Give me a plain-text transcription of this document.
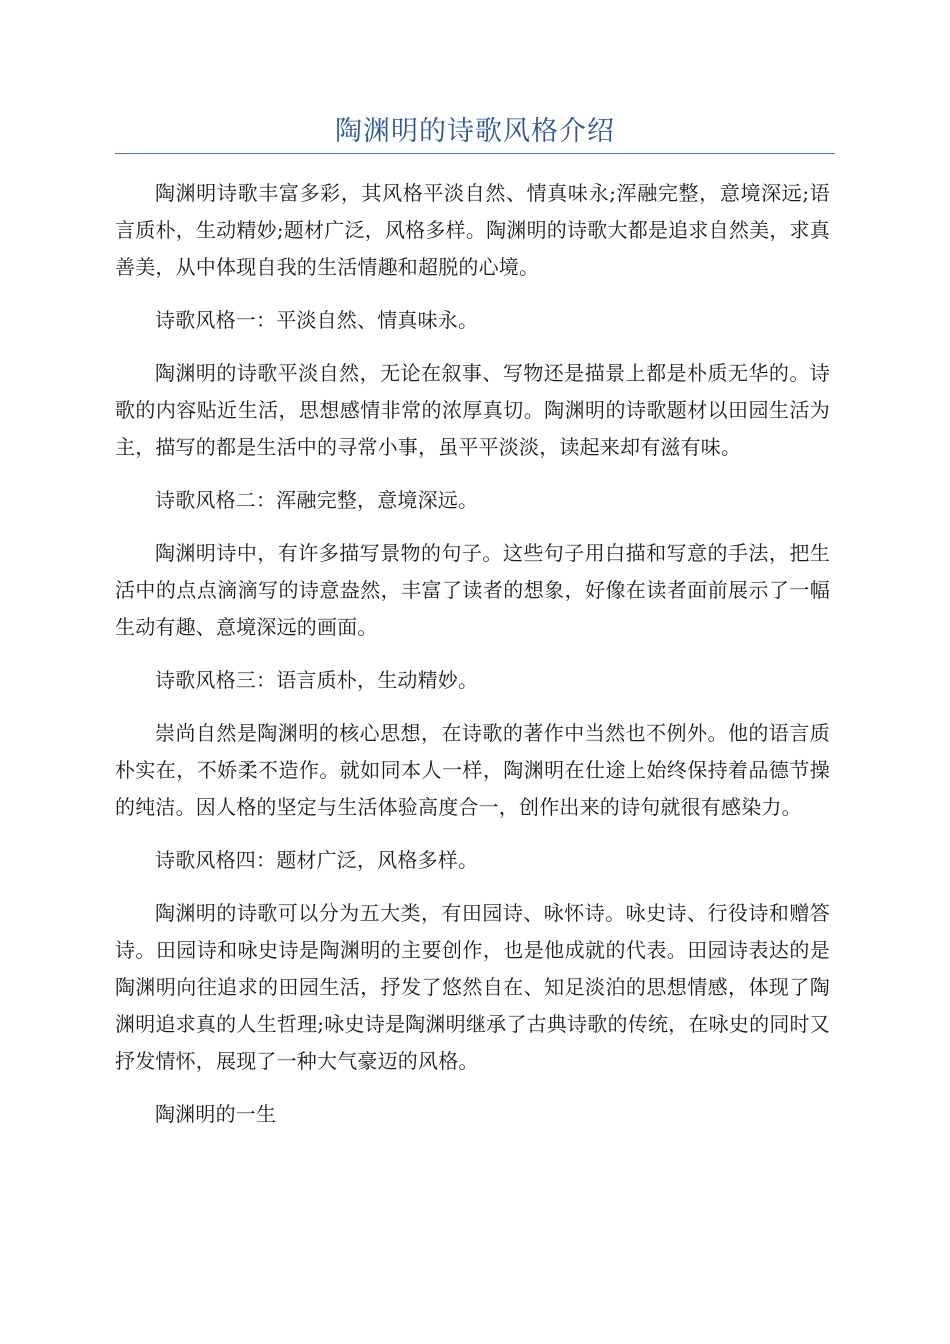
陶渊明的诗歌风格介绍

陶渊明诗歌丰富多彩，其风格平淡自然、情真味永;浑融完整，意境深远;语言质朴，生动精妙;题材广泛，风格多样。陶渊明的诗歌大都是追求自然美，求真善美，从中体现自我的生活情趣和超脱的心境。

诗歌风格一：平淡自然、情真味永。

陶渊明的诗歌平淡自然，无论在叙事、写物还是描景上都是朴质无华的。诗歌的内容贴近生活，思想感情非常的浓厚真切。陶渊明的诗歌题材以田园生活为主，描写的都是生活中的寻常小事，虽平平淡淡，读起来却有滋有味。

诗歌风格二：浑融完整，意境深远。

陶渊明诗中，有许多描写景物的句子。这些句子用白描和写意的手法，把生活中的点点滴滴写的诗意盎然，丰富了读者的想象，好像在读者面前展示了一幅生动有趣、意境深远的画面。

诗歌风格三：语言质朴，生动精妙。

崇尚自然是陶渊明的核心思想，在诗歌的著作中当然也不例外。他的语言质朴实在，不娇柔不造作。就如同本人一样，陶渊明在仕途上始终保持着品德节操的纯洁。因人格的坚定与生活体验高度合一，创作出来的诗句就很有感染力。

诗歌风格四：题材广泛，风格多样。

陶渊明的诗歌可以分为五大类，有田园诗、咏怀诗。咏史诗、行役诗和赠答诗。田园诗和咏史诗是陶渊明的主要创作，也是他成就的代表。田园诗表达的是陶渊明向往追求的田园生活，抒发了悠然自在、知足淡泊的思想情感，体现了陶渊明追求真的人生哲理;咏史诗是陶渊明继承了古典诗歌的传统，在咏史的同时又抒发情怀，展现了一种大气豪迈的风格。

陶渊明的一生
